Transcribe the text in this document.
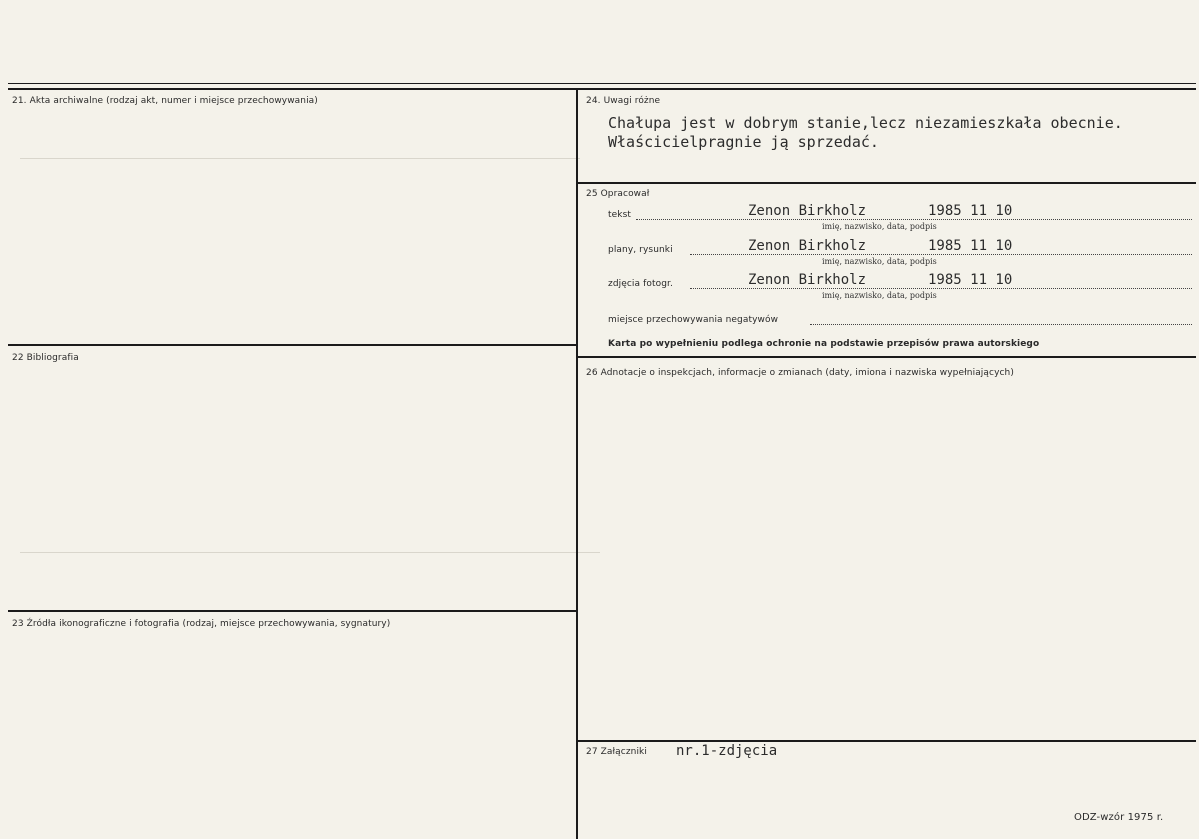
21. Akta archiwalne (rodzaj akt, numer i miejsce przechowywania)
22 Bibliografia
23 Źródła ikonograficzne i fotografia (rodzaj, miejsce przechowywania, sygnatury)
24. Uwagi różne
25 Opracował
26 Adnotacje o inspekcjach, informacje o zmianach (daty, imiona i nazwiska wypełniających)
27 Załączniki
Chałupa jest w dobrym stanie,lecz niezamieszkała obecnie.
Właścicielpragnie ją sprzedać.
tekst	Zenon Birkholz	1985 11 10
imię, nazwisko, data, podpis
plany, rysunki	Zenon Birkholz	1985 11 10
imię, nazwisko, data, podpis
zdjęcia fotogr.	Zenon Birkholz	1985 11 10
imię, nazwisko, data, podpis
miejsce przechowywania negatywów
Karta po wypełnieniu podlega ochronie na podstawie przepisów prawa autorskiego
nr.1-zdjęcia
ODZ-wzór 1975 r.
